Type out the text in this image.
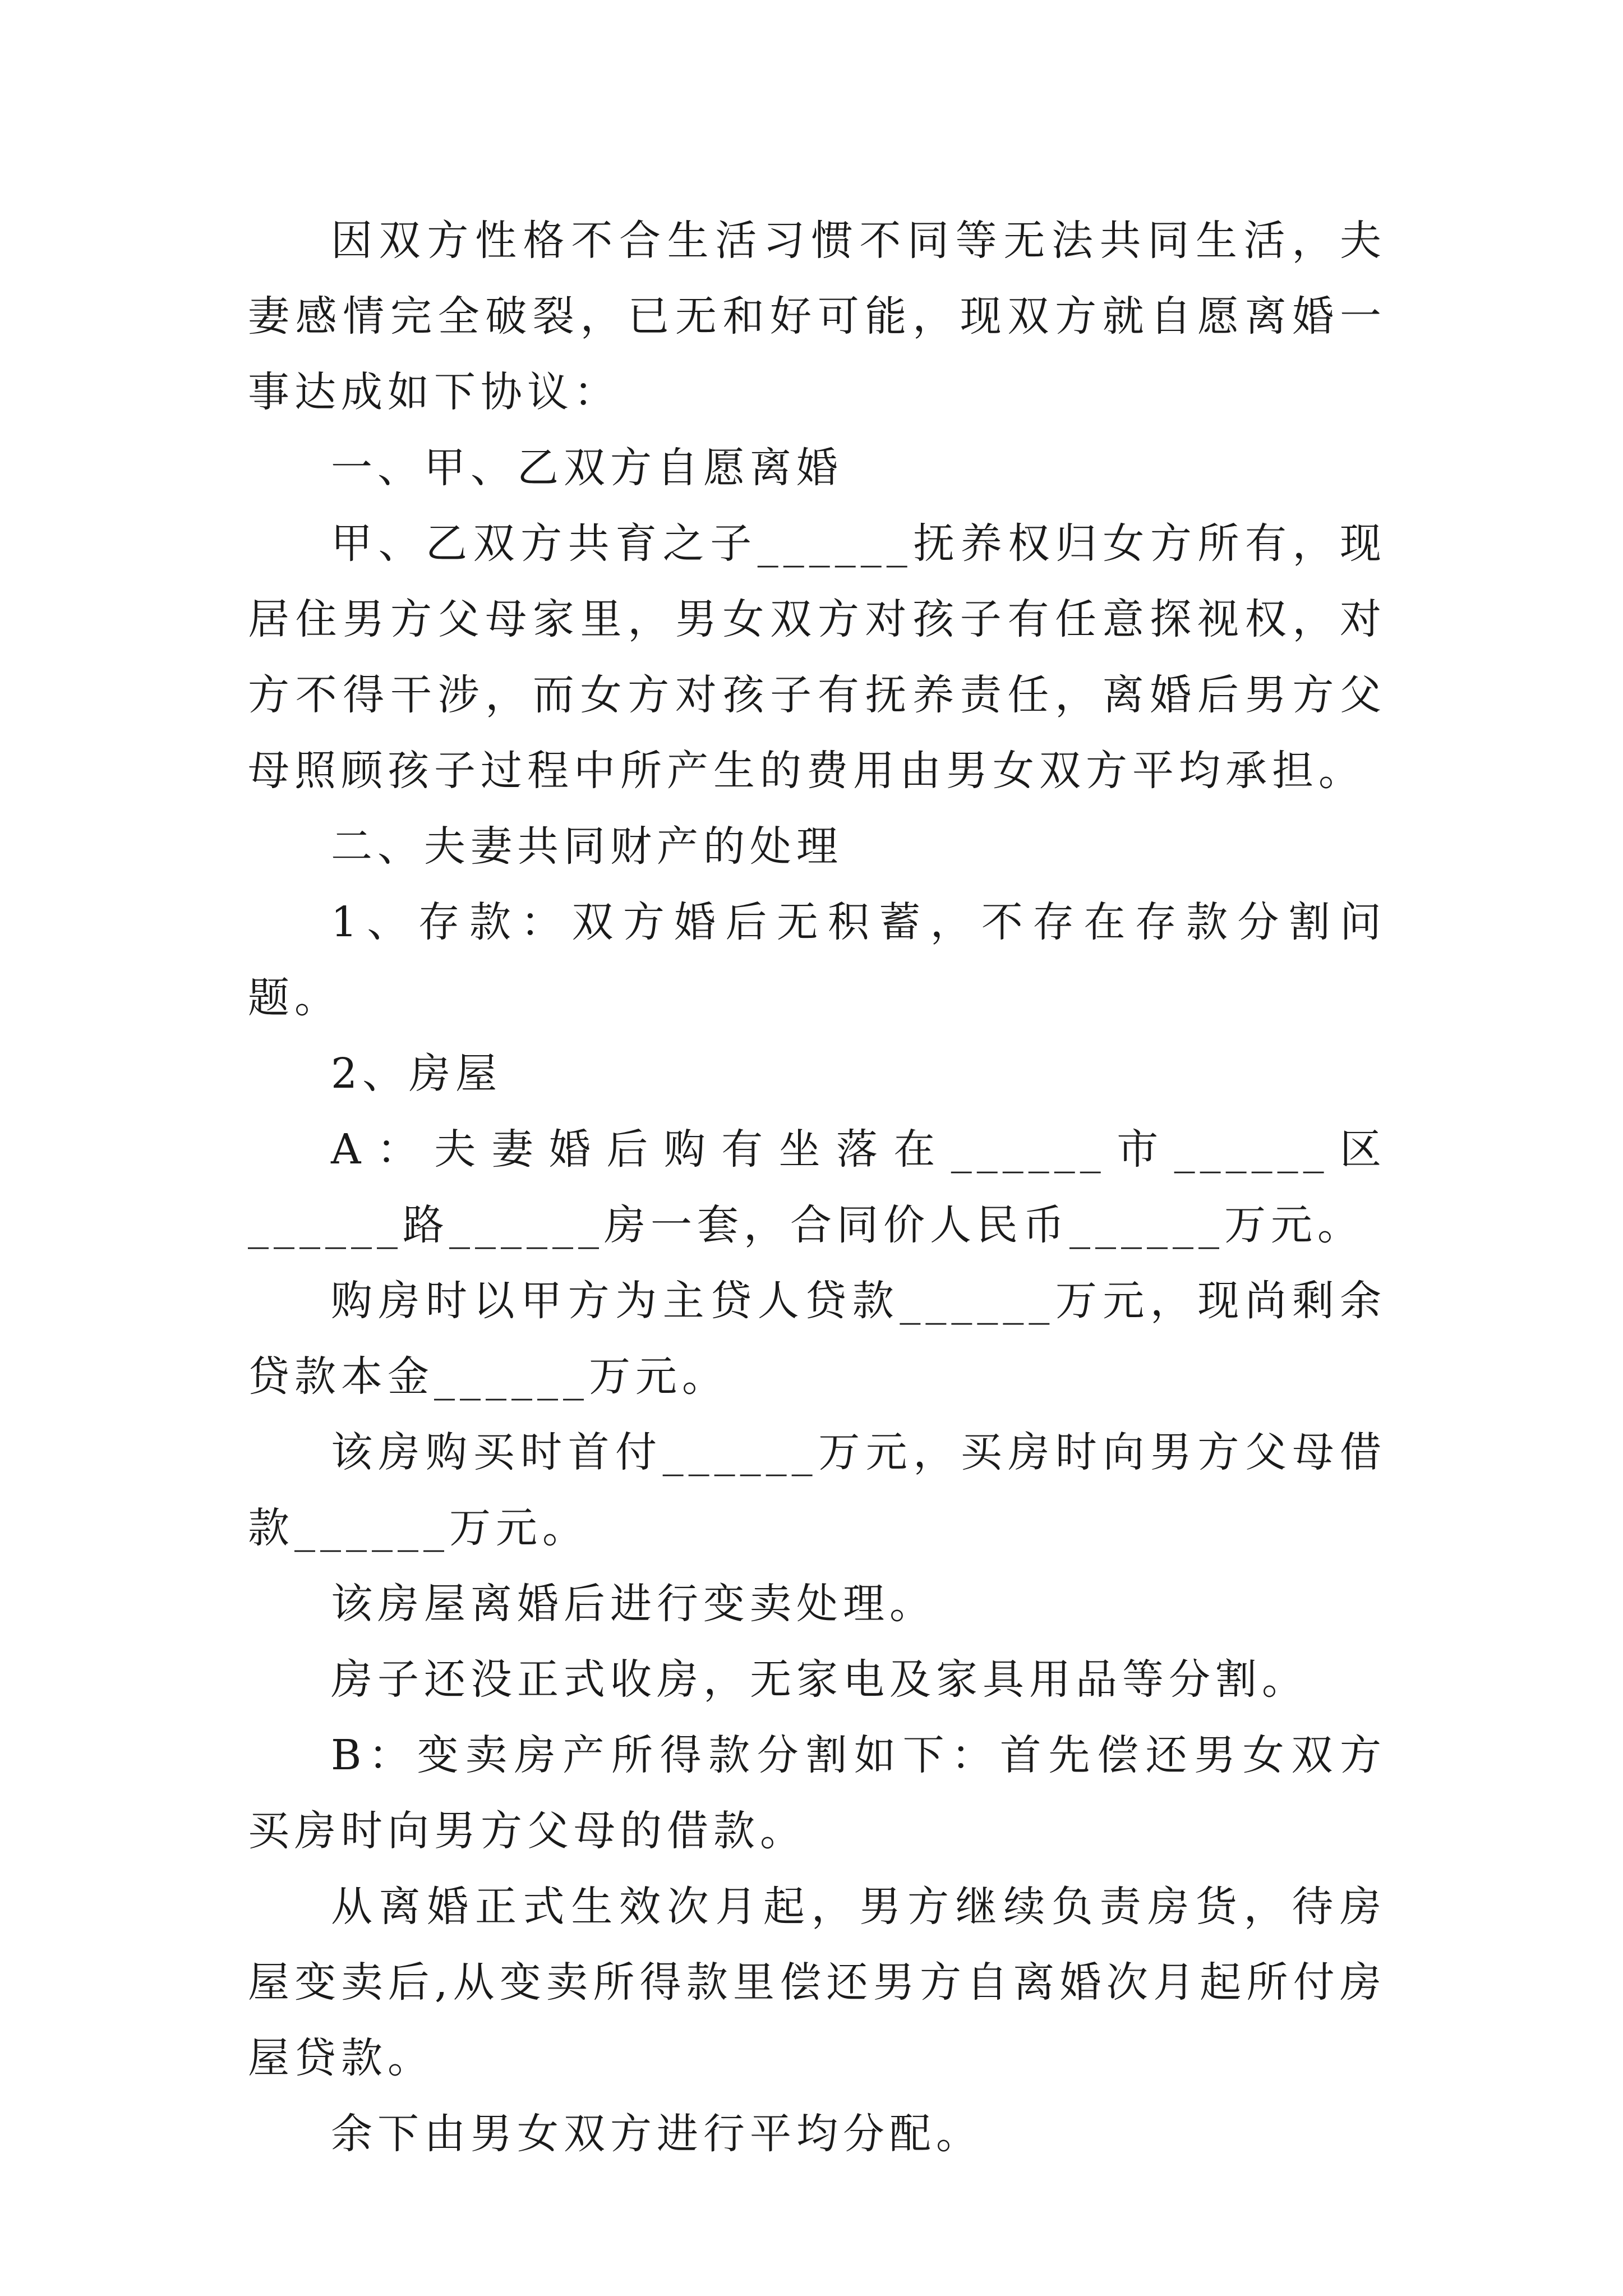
因双方性格不合生活习惯不同等无法共同生活，夫妻感情完全破裂，已无和好可能，现双方就自愿离婚一事达成如下协议：

一、甲、乙双方自愿离婚

甲、乙双方共育之子______抚养权归女方所有，现居住男方父母家里，男女双方对孩子有任意探视权，对方不得干涉，而女方对孩子有抚养责任，离婚后男方父母照顾孩子过程中所产生的费用由男女双方平均承担。

二、夫妻共同财产的处理

1、存款：双方婚后无积蓄，不存在存款分割问题。

2、房屋

A：夫妻婚后购有坐落在______市______区______路______房一套，合同价人民币______万元。

购房时以甲方为主贷人贷款______万元，现尚剩余贷款本金______万元。

该房购买时首付______万元，买房时向男方父母借款______万元。

该房屋离婚后进行变卖处理。

房子还没正式收房，无家电及家具用品等分割。

B：变卖房产所得款分割如下：首先偿还男女双方买房时向男方父母的借款。

从离婚正式生效次月起，男方继续负责房货，待房屋变卖后,从变卖所得款里偿还男方自离婚次月起所付房屋贷款。

余下由男女双方进行平均分配。
